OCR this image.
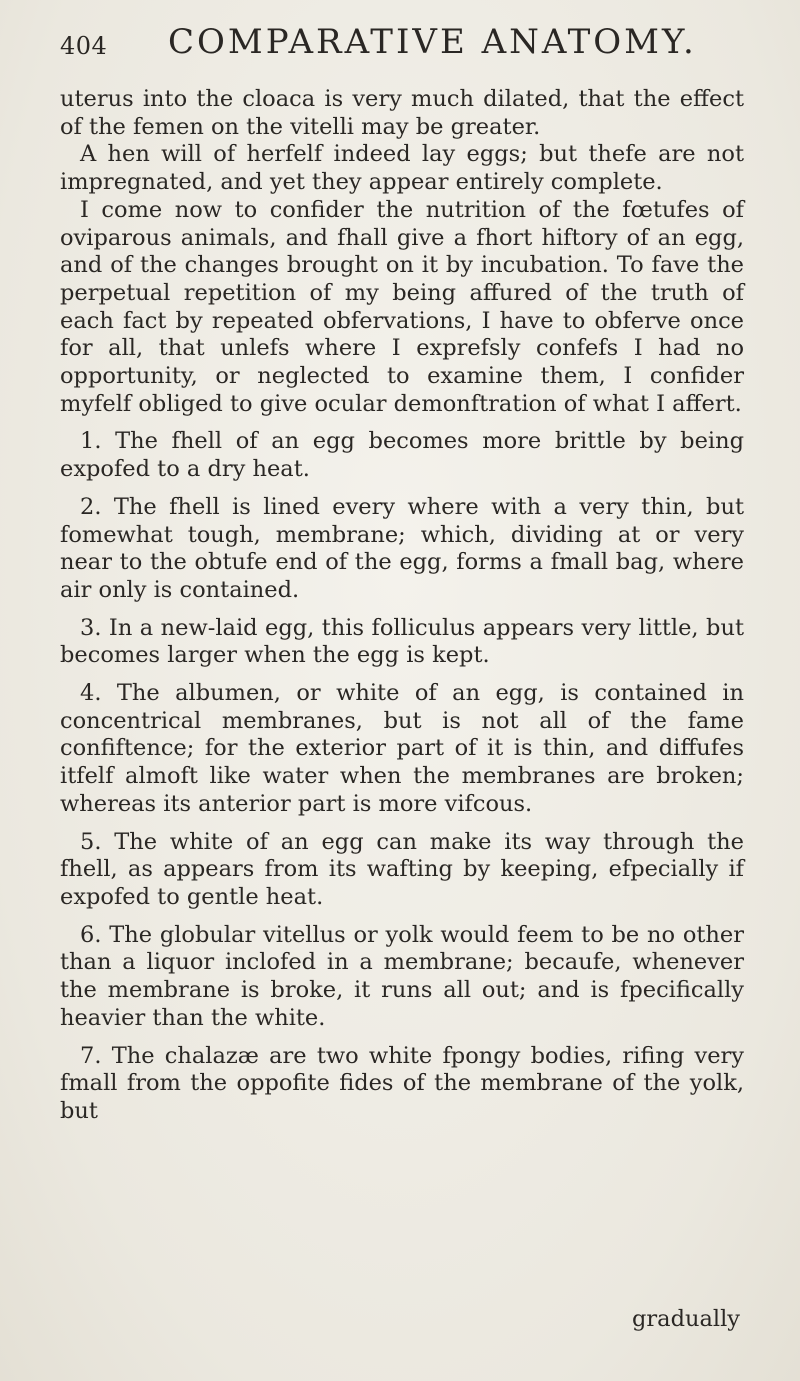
404 COMPARATIVE ANATOMY.

uterus into the cloaca is very much dilated, that the effect of the femen on the vitelli may be greater.

A hen will of herfelf indeed lay eggs; but thefe are not impregnated, and yet they appear entirely complete.

I come now to confider the nutrition of the fœtufes of oviparous animals, and fhall give a fhort hiftory of an egg, and of the changes brought on it by incubation. To fave the perpetual repetition of my being affured of the truth of each fact by repeated obfervations, I have to obferve once for all, that unlefs where I exprefsly confefs I had no opportunity, or neglected to examine them, I confider myfelf obliged to give ocular demonftration of what I affert.

1. The fhell of an egg becomes more brittle by being expofed to a dry heat.

2. The fhell is lined every where with a very thin, but fomewhat tough, membrane; which, dividing at or very near to the obtufe end of the egg, forms a fmall bag, where air only is contained.

3. In a new-laid egg, this folliculus appears very little, but becomes larger when the egg is kept.

4. The albumen, or white of an egg, is contained in concentrical membranes, but is not all of the fame confiftence; for the exterior part of it is thin, and diffufes itfelf almoft like water when the membranes are broken; whereas its anterior part is more vifcous.

5. The white of an egg can make its way through the fhell, as appears from its wafting by keeping, efpecially if expofed to gentle heat.

6. The globular vitellus or yolk would feem to be no other than a liquor inclofed in a membrane; becaufe, whenever the membrane is broke, it runs all out; and is fpecifically heavier than the white.

7. The chalazæ are two white fpongy bodies, rifing very fmall from the oppofite fides of the membrane of the yolk, but

gradually
